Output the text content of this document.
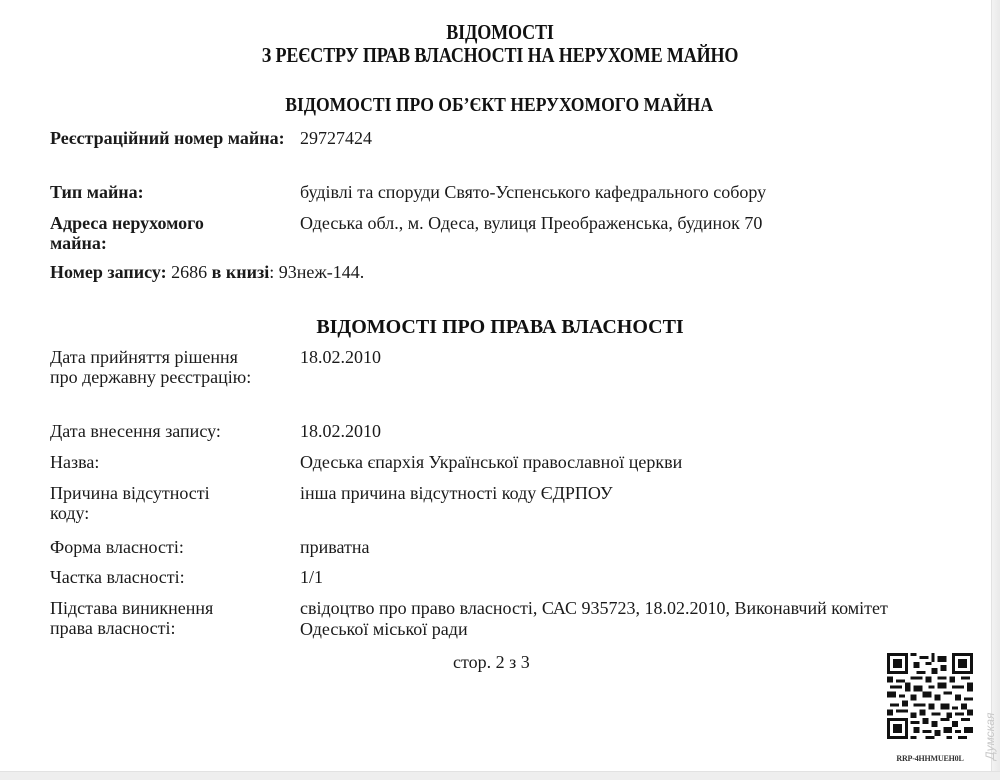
ВІДОМОСТІ
З РЕЄСТРУ ПРАВ ВЛАСНОСТІ НА НЕРУХОМЕ МАЙНО
ВІДОМОСТІ ПРО ОБ’ЄКТ НЕРУХОМОГО МАЙНА
Реєстраційний номер майна: 29727424
Тип майна:	будівлі та споруди Свято-Успенського кафедрального собору
Адреса нерухомого майна:
Одеська обл., м. Одеса, вулиця Преображенська, будинок 70
Номер запису: 2686 в книзі: 93неж-144.
ВІДОМОСТІ ПРО ПРАВА ВЛАСНОСТІ
Дата прийняття рішення про державну реєстрацію:
18.02.2010
Дата внесення запису:	18.02.2010
Назва:	Одеська єпархія Української православної церкви
Причина відсутності коду:
інша причина відсутності коду ЄДРПОУ
Форма власності:	приватна
Частка власності:	1/1
Підстава виникнення права власності:
свідоцтво про право власності, САС 935723, 18.02.2010, Виконавчий комітет Одеської міської ради
стор. 2 з 3
RRP-4HHMUEH0L	Думская
